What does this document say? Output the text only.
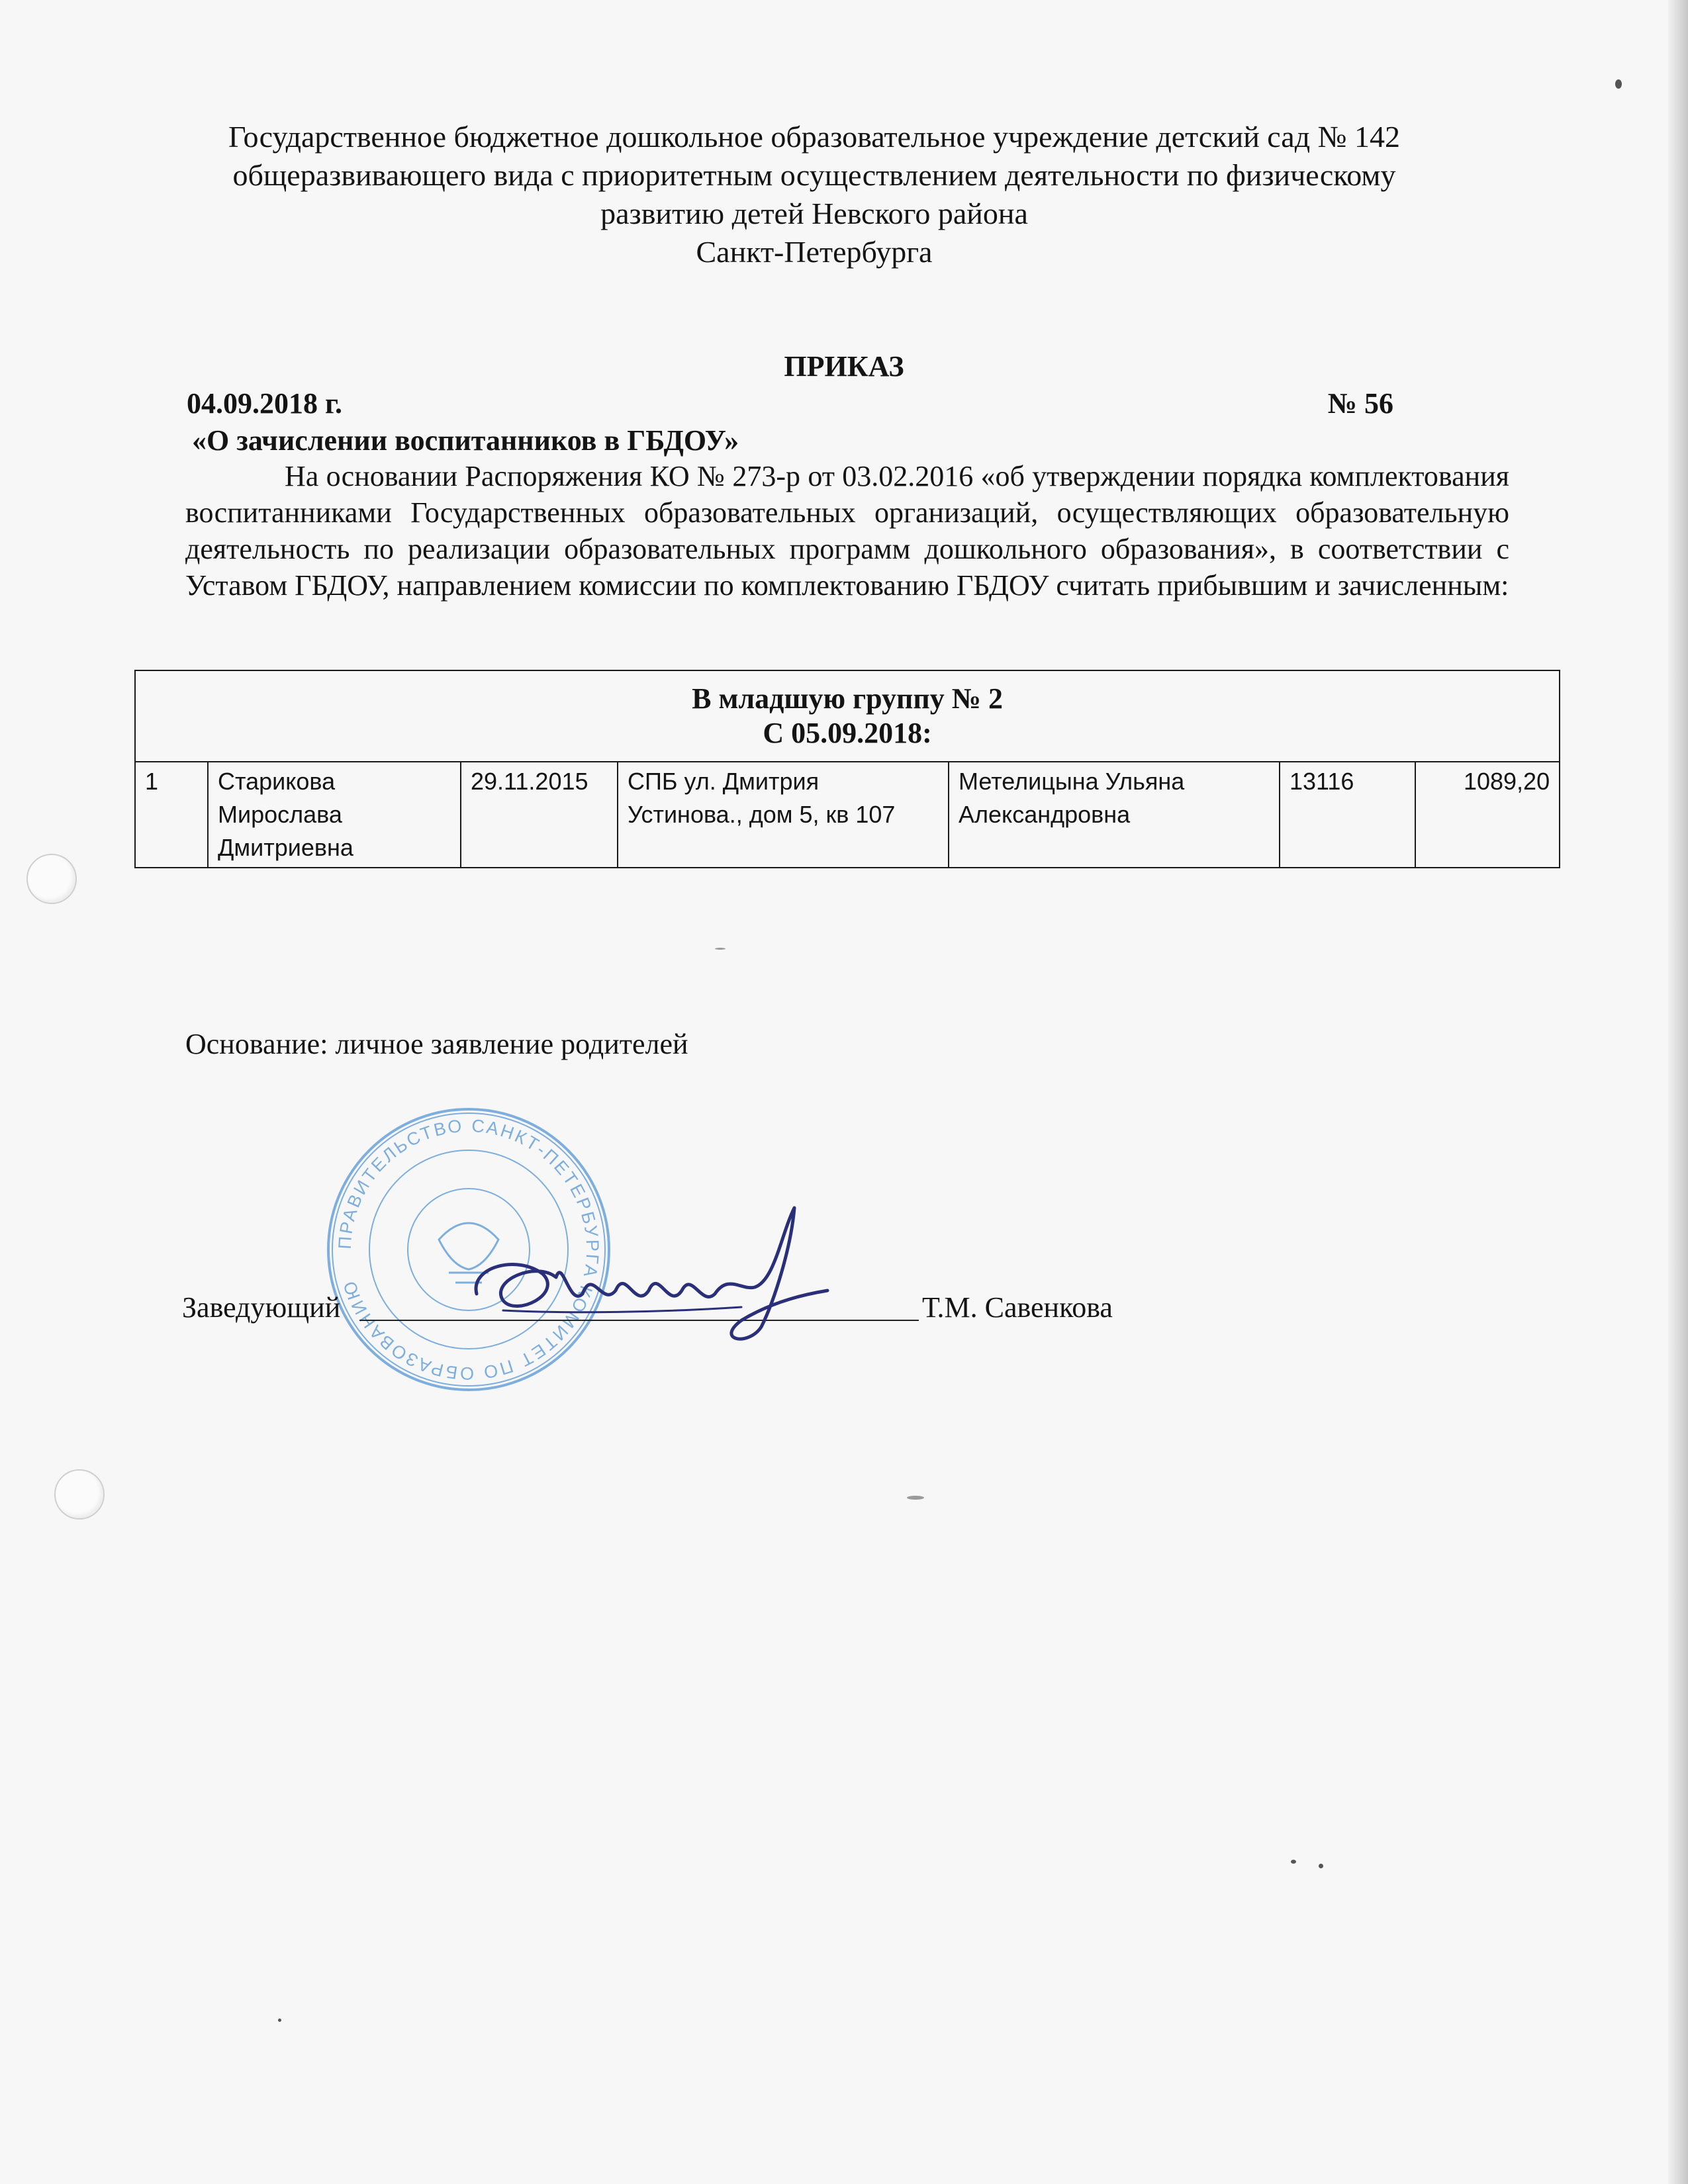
Государственное бюджетное дошкольное образовательное учреждение детский сад № 142
общеразвивающего вида с приоритетным осуществлением деятельности по физическому
развитию детей Невского района
Санкт-Петербурга
ПРИКАЗ
04.09.2018 г.	№ 56
«О зачислении воспитанников в ГБДОУ»
На основании Распоряжения КО № 273-р от 03.02.2016 «об утверждении порядка комплектования воспитанниками Государственных образовательных организаций, осуществляющих образовательную деятельность по реализации образовательных программ дошкольного образования», в соответствии с Уставом ГБДОУ, направлением комиссии по комплектованию ГБДОУ считать прибывшим и зачисленным:
В младшую группу № 2
С 05.09.2018:

1	Старикова Мирослава Дмитриевна	29.11.2015	СПБ ул. Дмитрия Устинова., дом 5, кв 107	Метелицына Ульяна Александровна	13116	1089,20
Основание: личное заявление родителей
ПРАВИТЕЛЬСТВО САНКТ-ПЕТЕРБУРГА КОМИТЕТ ПО ОБРАЗОВАНИЮ
Заведующий	Т.М. Савенкова
